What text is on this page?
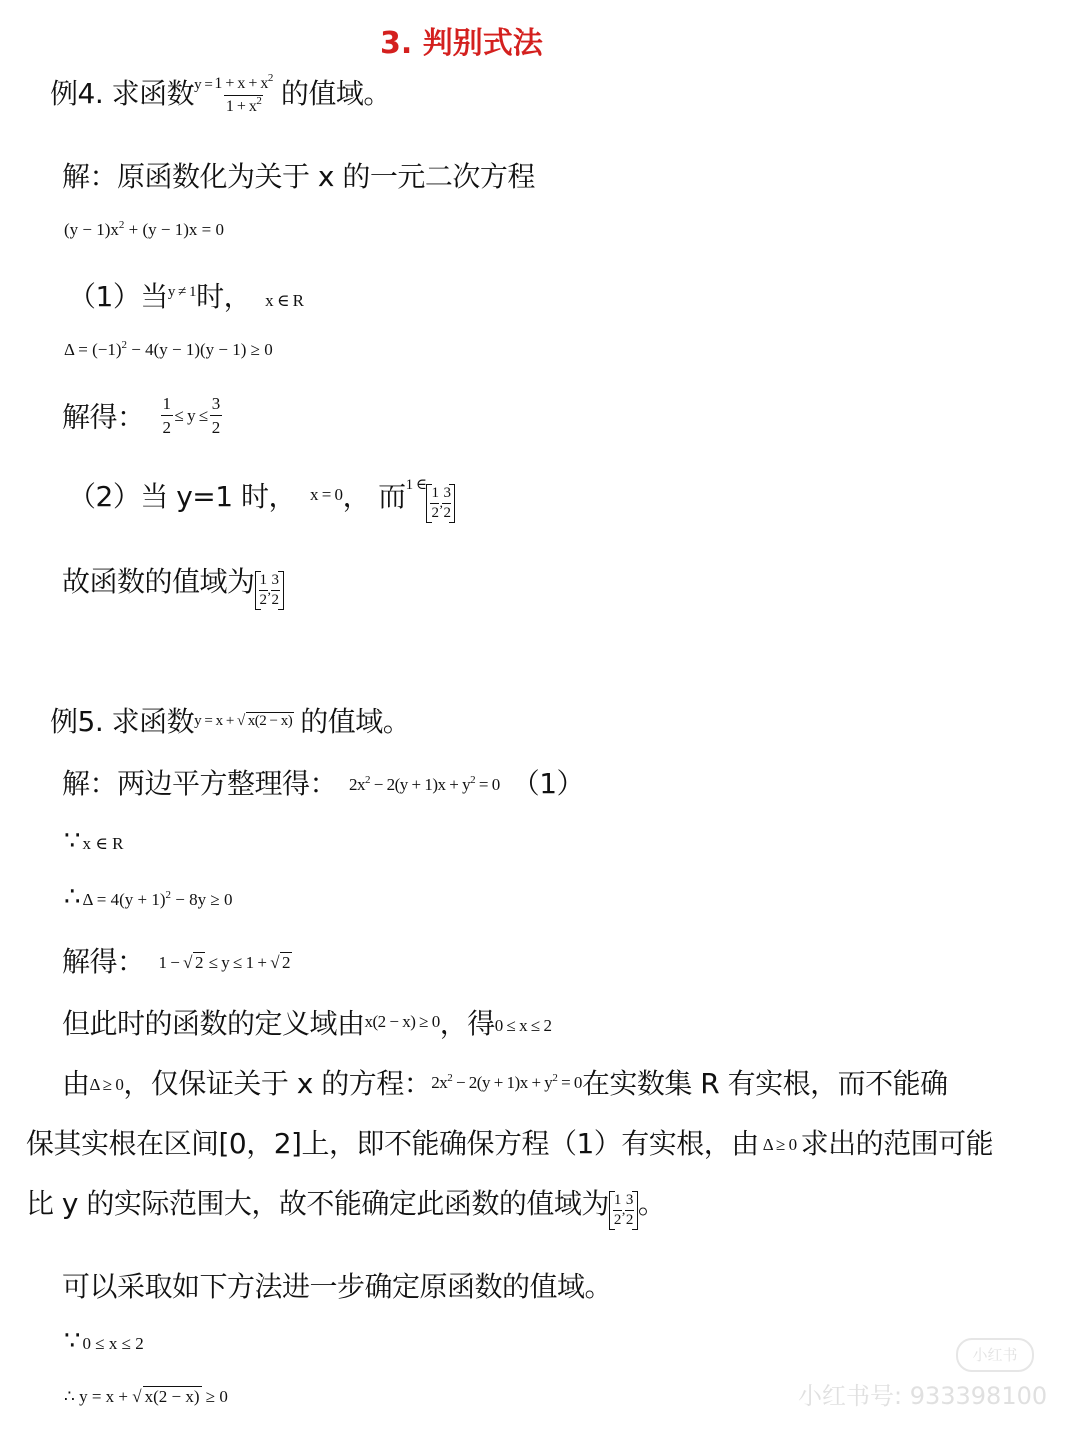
3. 判别式法
例4. 求函数$^{y =} \frac{1 + x + x^2}{1 + x^2}$ 的值域。
解：原函数化为关于 x 的一元二次方程
$(y - 1)x^2 + (y - 1)x = 0$
（1）当$^{y \ne 1}$时， x ∈ R
$\Delta = (-1)^2 - 4(y - 1)(y - 1) \ge 0$
解得： $\frac{1}{2} \le y \le \frac{3}{2}$
（2）当 y=1 时， x = 0， 而$^{1 \in}$
$\frac{1}{2}$ , $\frac{3}{2}$
故函数的值域为 $\frac{1}{2}$ , $\frac{3}{2}$
例5. 求函数$^{y = x + √ x(2 - x)}$ 的值域。
解：两边平方整理得： $2x^2 - 2(y + 1)x + y^2 = 0$ （1）
∵ x ∈ R
∴ $\Delta = 4(y + 1)^2 - 8y \ge 0$
解得： 1 − √ 2 ≤ y ≤ 1 + √ 2
但此时的函数的定义域由$^{x(2 - x) \ge 0}$，得0 ≤ x ≤ 2
由Δ ≥ 0，仅保证关于 x 的方程：$2x^2 - 2(y + 1)x + y^2 = 0$在实数集 R 有实根，而不能确
保其实根在区间[0，2]上，即不能确保方程（1）有实根，由 Δ ≥ 0 求出的范围可能
比 y 的实际范围大，故不能确定此函数的值域为 $\frac{1}{2}$ , $\frac{3}{2}$ 。
可以采取如下方法进一步确定原函数的值域。
∵ 0 ≤ x ≤ 2
∴ y = x + √ x(2 − x) ≥ 0
小红书
小红书号: 933398100
